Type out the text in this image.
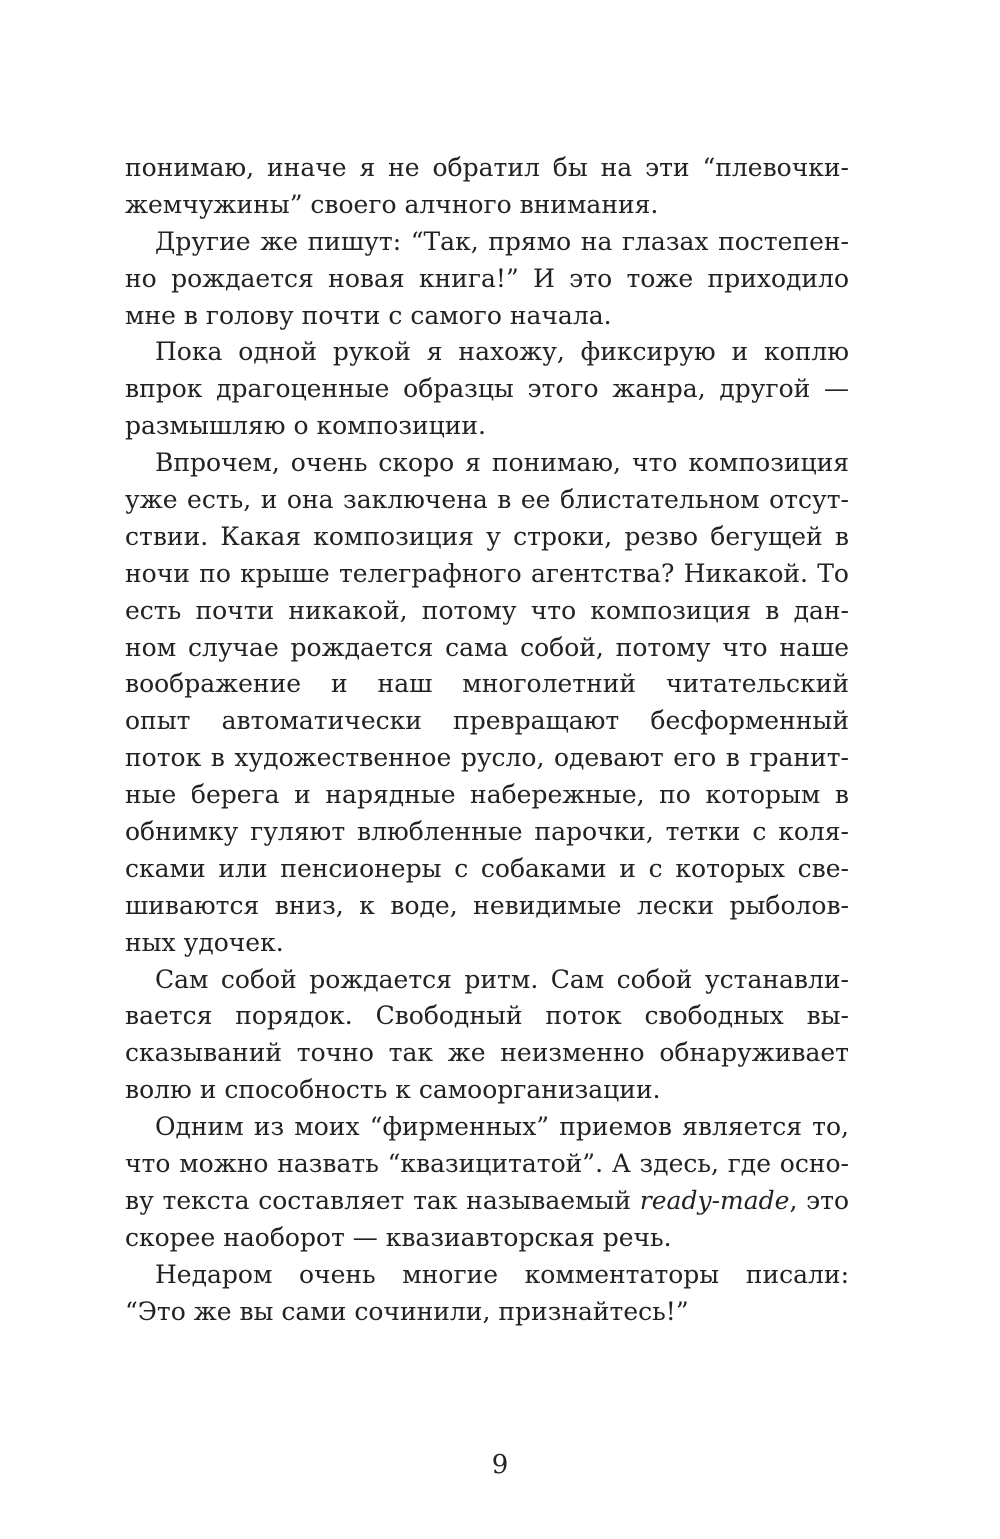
понимаю, иначе я не обратил бы на эти “плевочки-
жемчужины” своего алчного внимания.
Другие же пишут: “Так, прямо на глазах постепен-
но рождается новая книга!” И это тоже приходило
мне в голову почти с самого начала.
Пока одной рукой я нахожу, фиксирую и коплю
впрок драгоценные образцы этого жанра, другой —
размышляю о композиции.
Впрочем, очень скоро я понимаю, что композиция
уже есть, и она заключена в ее блистательном отсут-
ствии. Какая композиция у строки, резво бегущей в
ночи по крыше телеграфного агентства? Никакой. То
есть почти никакой, потому что композиция в дан-
ном случае рождается сама собой, потому что наше
воображение и наш многолетний читательский
опыт автоматически превращают бесформенный
поток в художественное русло, одевают его в гранит-
ные берега и нарядные набережные, по которым в
обнимку гуляют влюбленные парочки, тетки с коля-
сками или пенсионеры с собаками и с которых све-
шиваются вниз, к воде, невидимые лески рыболов-
ных удочек.
Сам собой рождается ритм. Сам собой устанавли-
вается порядок. Свободный поток свободных вы-
сказываний точно так же неизменно обнаруживает
волю и способность к самоорганизации.
Одним из моих “фирменных” приемов является то,
что можно назвать “квазицитатой”. А здесь, где осно-
ву текста составляет так называемый ready-made, это
скорее наоборот — квазиавторская речь.
Недаром очень многие комментаторы писали:
“Это же вы сами сочинили, признайтесь!”
9
